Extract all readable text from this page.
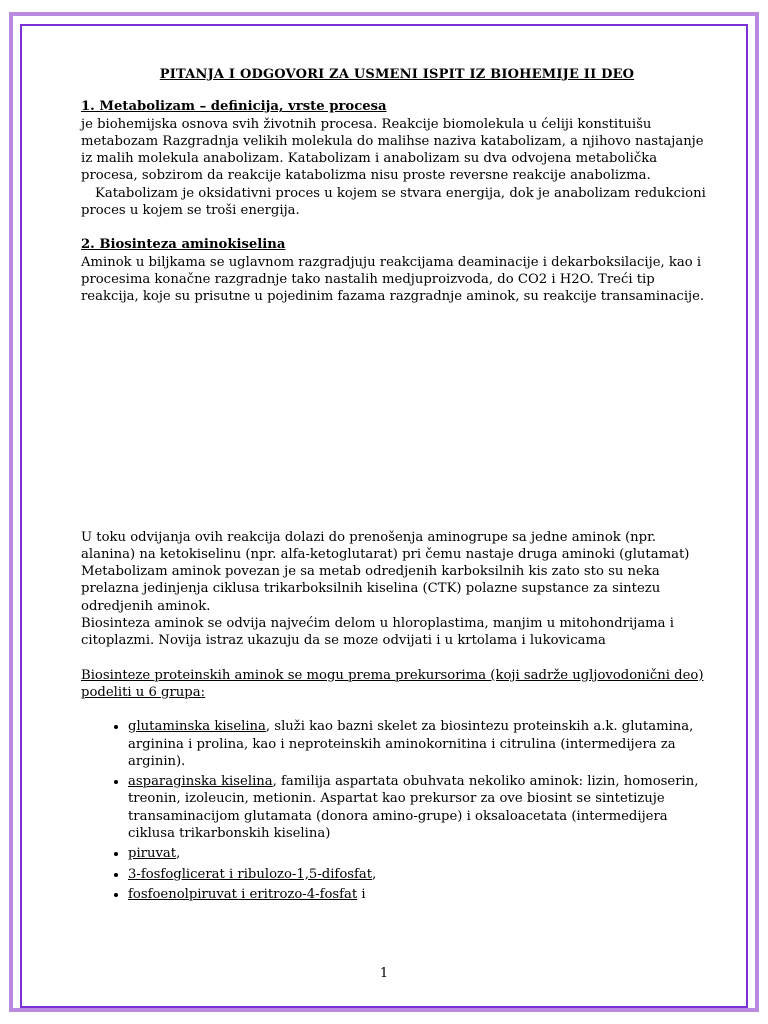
PITANJA I ODGOVORI ZA USMENI ISPIT IZ BIOHEMIJE II DEO

1. Metabolizam – definicija, vrste procesa

je biohemijska osnova svih životnih procesa. Reakcije biomolekula u ćeliji konstituišu metabozam Razgradnja velikih molekula do malihse naziva katabolizam, a njihovo nastajanje iz malih molekula anabolizam. Katabolizam i anabolizam su dva odvojena metabolička procesa, sobzirom da reakcije katabolizma nisu proste reversne reakcije anabolizma.

Katabolizam je oksidativni proces u kojem se stvara energija, dok je anabolizam redukcioni proces u kojem se troši energija.

2. Biosinteza aminokiselina

Aminok u biljkama se uglavnom razgradjuju reakcijama deaminacije i dekarboksilacije, kao i procesima konačne razgradnje tako nastalih medjuproizvoda, do CO2 i H2O. Treći tip reakcija, koje su prisutne u pojedinim fazama razgradnje aminok, su reakcije transaminacije.

U toku odvijanja ovih reakcija dolazi do prenošenja aminogrupe sa jedne aminok (npr. alanina) na ketokiselinu (npr. alfa-ketoglutarat) pri čemu nastaje druga aminoki (glutamat) Metabolizam aminok povezan je sa metab odredjenih karboksilnih kis zato sto su neka prelazna jedinjenja ciklusa trikarboksilnih kiselina (CTK) polazne supstance za sintezu odredjenih aminok.

Biosinteza aminok se odvija najvećim delom u hloroplastima, manjim u mitohondrijama i citoplazmi. Novija istraz ukazuju da se moze odvijati i u krtolama i lukovicama

Biosinteze proteinskih aminok se mogu prema prekursorima (koji sadrže ugljovodonični deo) podeliti u 6 grupa:

• glutaminska kiselina, služi kao bazni skelet za biosintezu proteinskih a.k. glutamina, arginina i prolina, kao i neproteinskih aminokornitina i citrulina (intermedijera za arginin).
• asparaginska kiselina, familija aspartata obuhvata nekoliko aminok: lizin, homoserin, treonin, izoleucin, metionin. Aspartat kao prekursor za ove biosint se sintetizuje transaminacijom glutamata (donora amino-grupe) i oksaloacetata (intermedijera ciklusa trikarbonskih kiselina)
• piruvat,
• 3-fosfoglicerat i ribulozo-1,5-difosfat,
• fosfoenolpiruvat i eritrozo-4-fosfat i
1
